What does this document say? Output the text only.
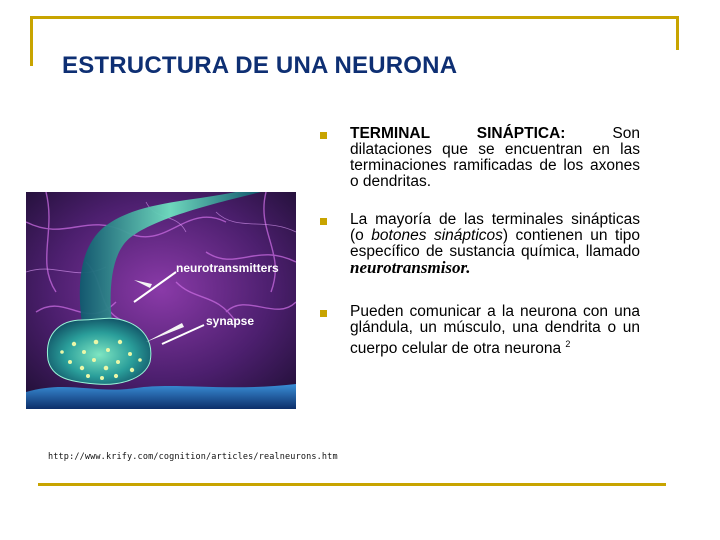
ESTRUCTURA DE UNA NEURONA
neurotransmitters
synapse
http://www.krify.com/cognition/articles/realneurons.htm
TERMINAL SINÁPTICA: Son dilataciones que se encuentran en las terminaciones ramificadas de los axones o dendritas.
La mayoría de las terminales sinápticas (o botones sinápticos) contienen un tipo específico de sustancia química, llamado neurotransmisor.
Pueden comunicar a la neurona con una glándula, un músculo, una dendrita o un cuerpo celular de otra neurona $^2$
